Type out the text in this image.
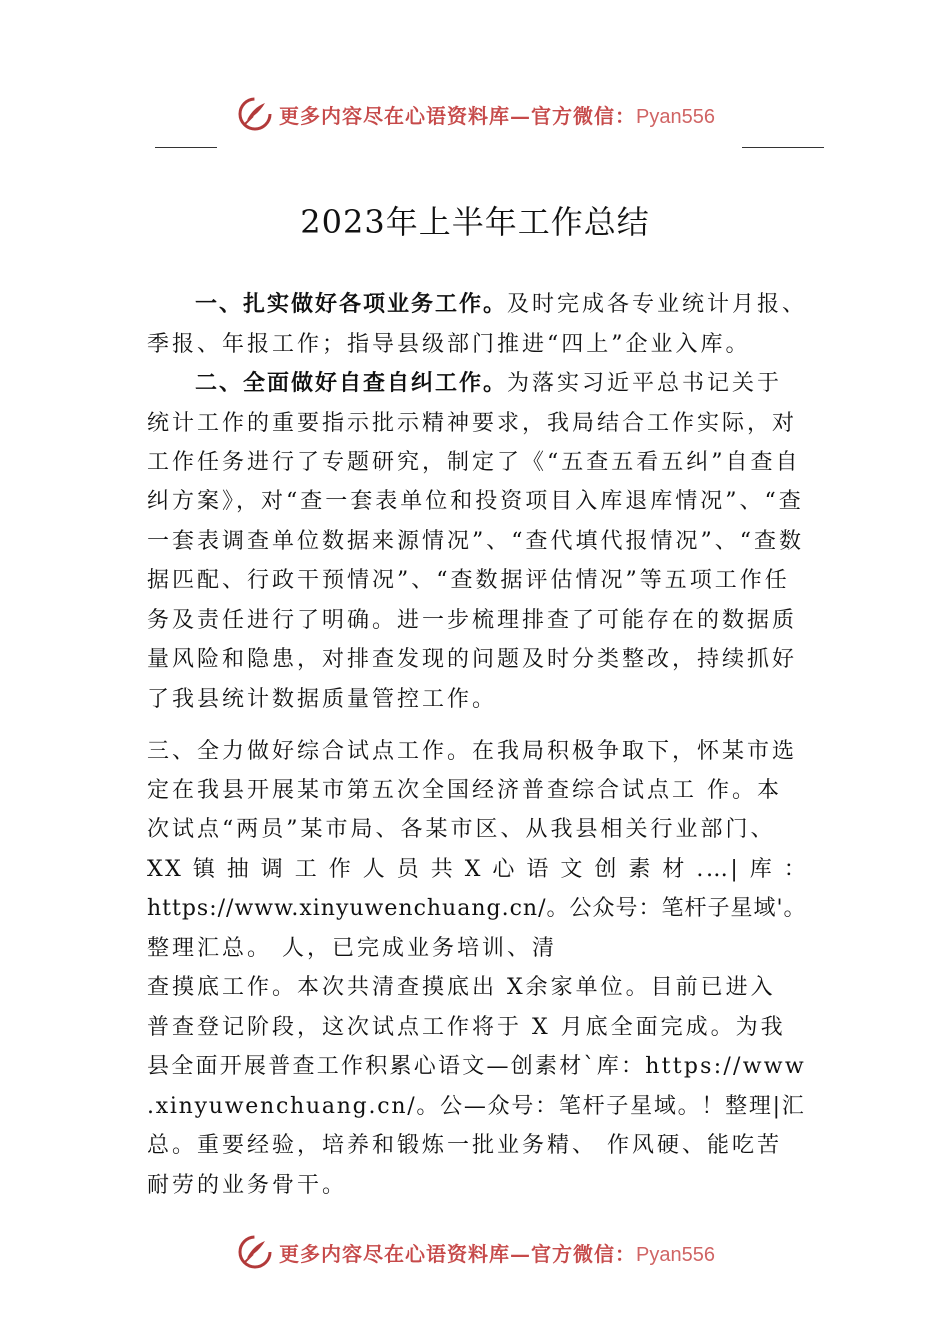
更多内容尽在心语资料库—官方微信：Pyan556
2023年上半年工作总结
一、扎实做好各项业务工作。及时完成各专业统计月报、
季报、年报工作；指导县级部门推进“四上”企业入库。
二、全面做好自查自纠工作。为落实习近平总书记关于
统计工作的重要指示批示精神要求，我局结合工作实际，对
工作任务进行了专题研究，制定了《“五查五看五纠”自查自
纠方案》，对“查一套表单位和投资项目入库退库情况”、“查
一套表调查单位数据来源情况”、“查代填代报情况”、“查数
据匹配、行政干预情况”、“查数据评估情况”等五项工作任
务及责任进行了明确。进一步梳理排查了可能存在的数据质
量风险和隐患，对排查发现的问题及时分类整改，持续抓好
了我县统计数据质量管控工作。
三、全力做好综合试点工作。在我局积极争取下，怀某市选
定在我县开展某市第五次全国经济普查综合试点工 作。本
次试点“两员”某市局、各某市区、从我县相关行业部门、
XX 镇 抽 调 工 作 人 员 共 X 心 语 文 创 素 材 .…| 库 ：
https://www.xinyuwenchuang.cn/。公众号：笔杆子星域'。
整理汇总。 人，已完成业务培训、清
查摸底工作。本次共清查摸底出 X余家单位。目前已进入
普查登记阶段，这次试点工作将于 X 月底全面完成。为我
县全面开展普查工作积累心语文—创素材`库：https://www
.xinyuwenchuang.cn/。公—众号：笔杆子星域。！整理|汇
总。重要经验，培养和锻炼一批业务精、 作风硬、能吃苦
耐劳的业务骨干。
更多内容尽在心语资料库—官方微信：Pyan556
